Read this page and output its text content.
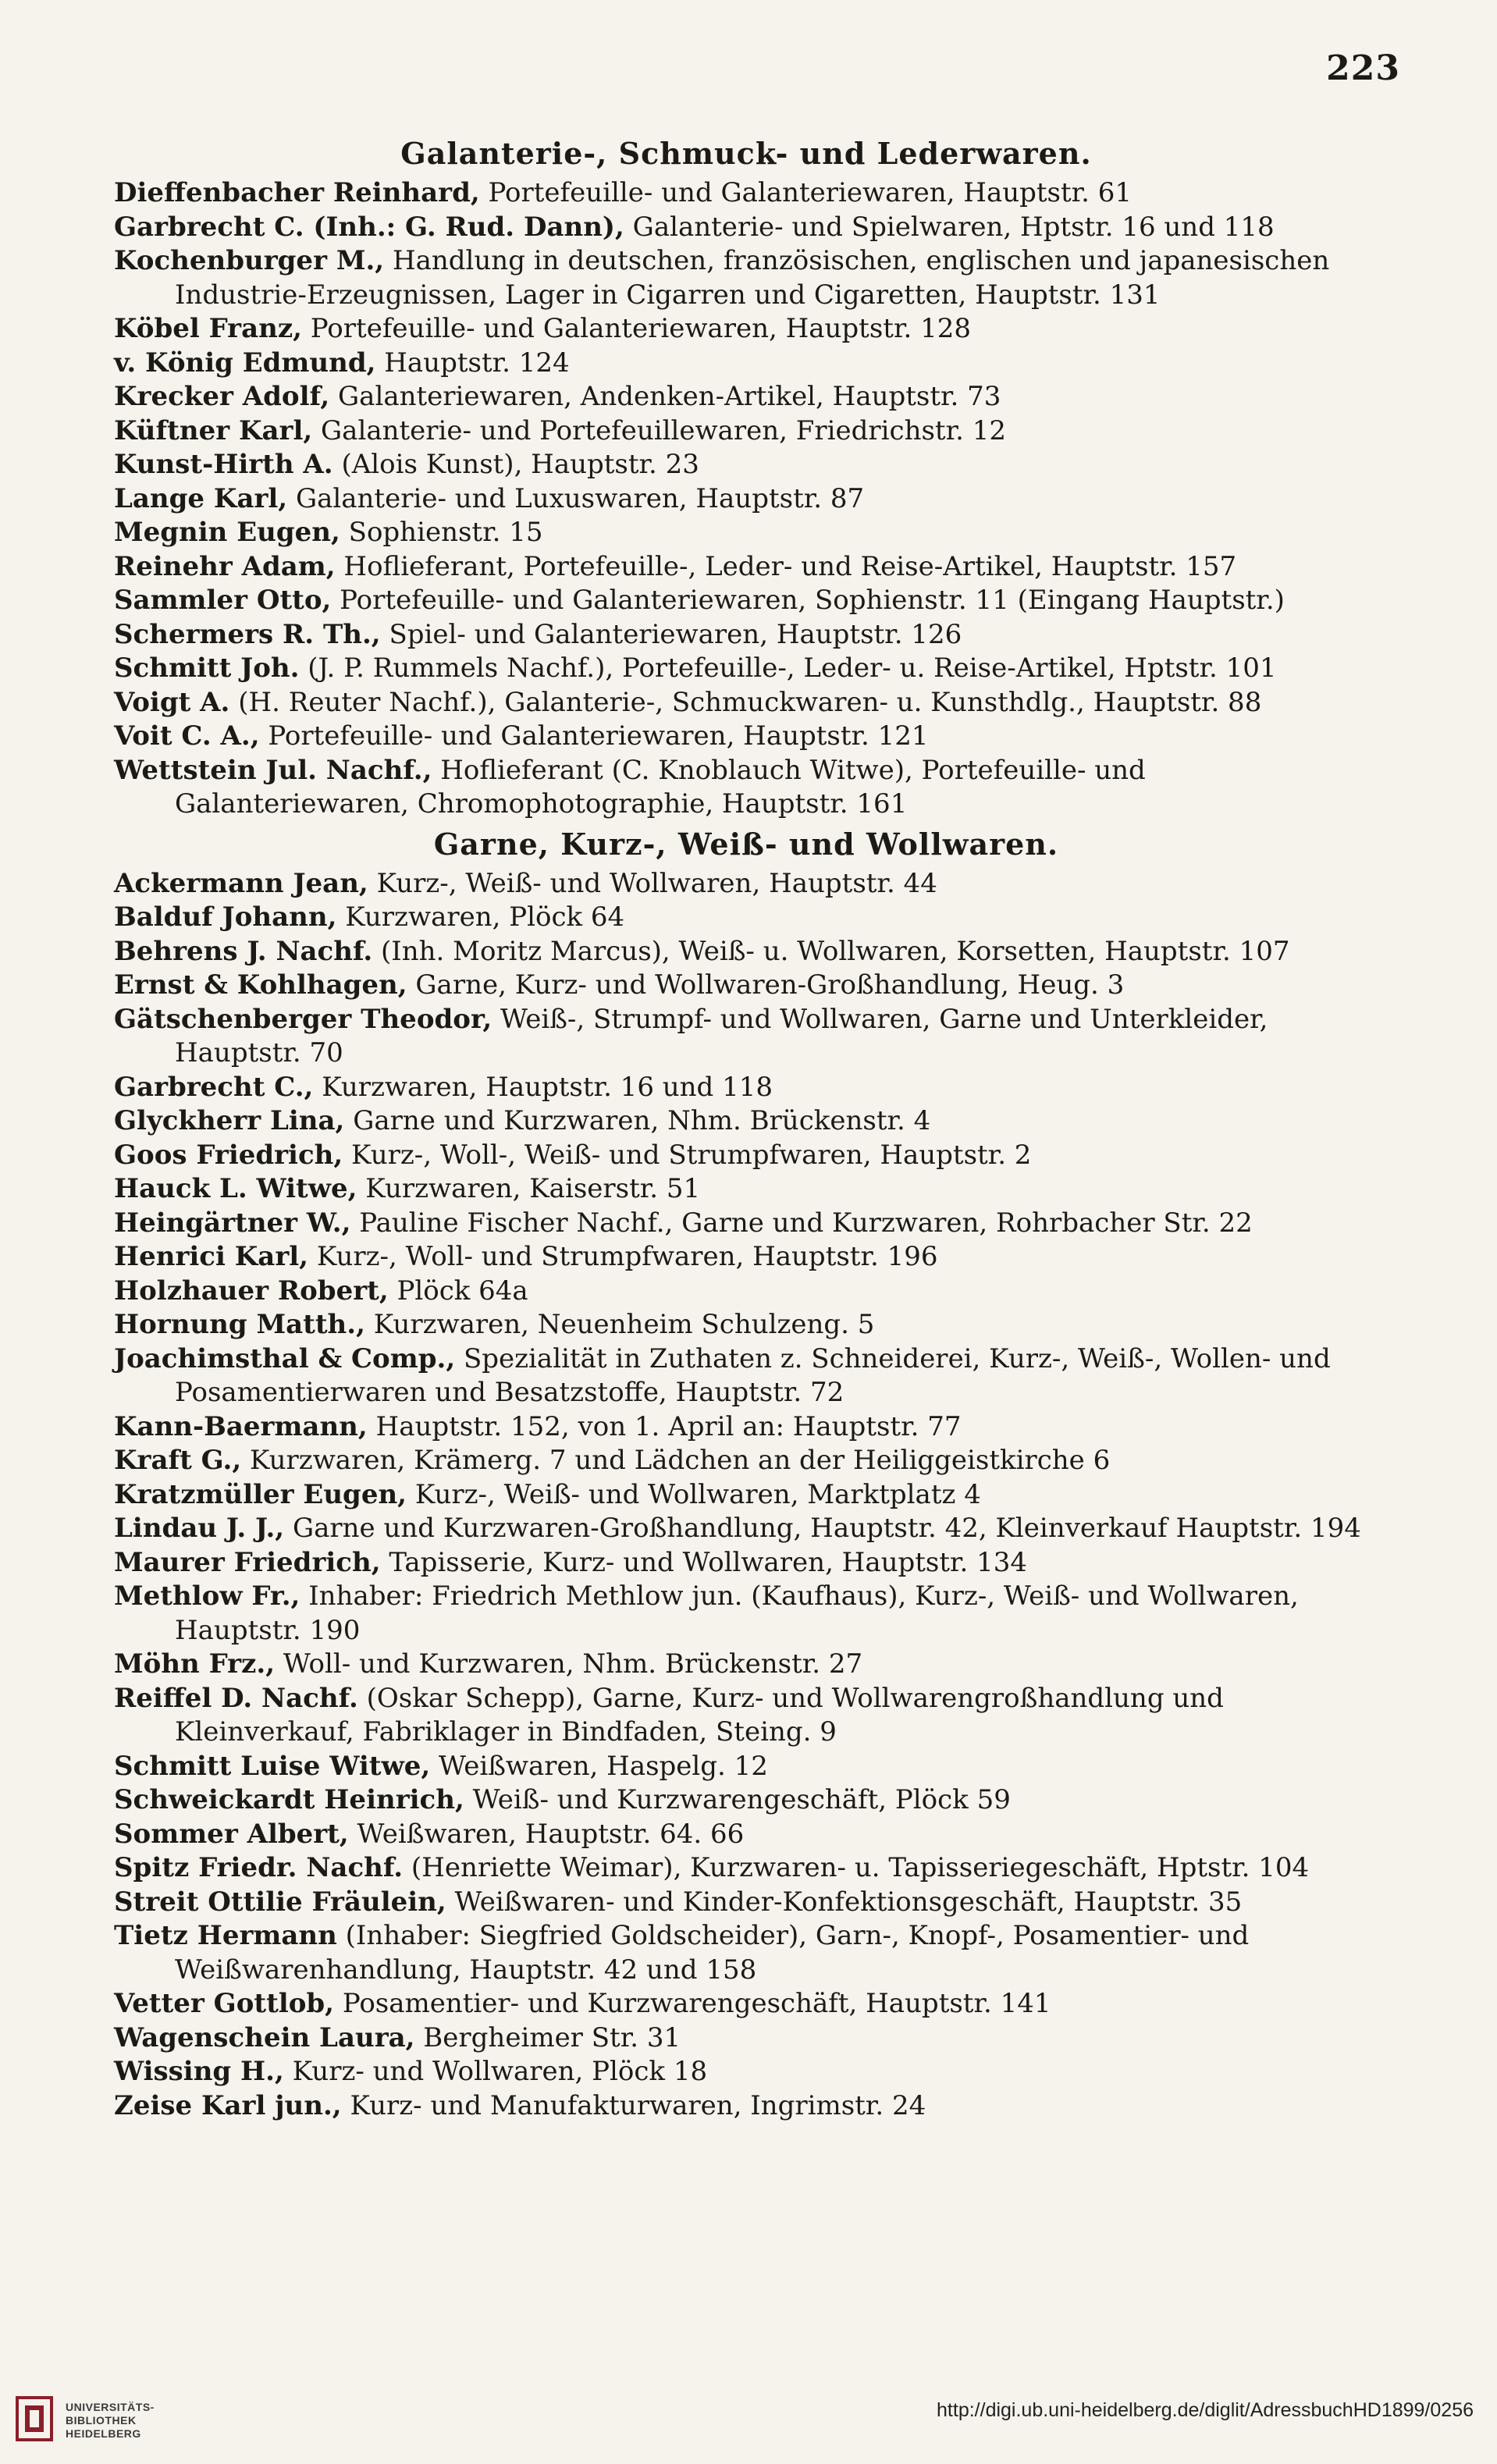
223
Galanterie-, Schmuck- und Lederwaren.
Dieffenbacher Reinhard, Portefeuille- und Galanteriewaren, Hauptstr. 61
Garbrecht C. (Inh.: G. Rud. Dann), Galanterie- und Spielwaren, Hptstr. 16 und 118
Kochenburger M., Handlung in deutschen, französischen, englischen und japanesischen Industrie-Erzeugnissen, Lager in Cigarren und Cigaretten, Hauptstr. 131
Köbel Franz, Portefeuille- und Galanteriewaren, Hauptstr. 128
v. König Edmund, Hauptstr. 124
Krecker Adolf, Galanteriewaren, Andenken-Artikel, Hauptstr. 73
Küftner Karl, Galanterie- und Portefeuillewaren, Friedrichstr. 12
Kunst-Hirth A. (Alois Kunst), Hauptstr. 23
Lange Karl, Galanterie- und Luxuswaren, Hauptstr. 87
Megnin Eugen, Sophienstr. 15
Reinehr Adam, Hoflieferant, Portefeuille-, Leder- und Reise-Artikel, Hauptstr. 157
Sammler Otto, Portefeuille- und Galanteriewaren, Sophienstr. 11 (Eingang Hauptstr.)
Schermers R. Th., Spiel- und Galanteriewaren, Hauptstr. 126
Schmitt Joh. (J. P. Rummels Nachf.), Portefeuille-, Leder- u. Reise-Artikel, Hptstr. 101
Voigt A. (H. Reuter Nachf.), Galanterie-, Schmuckwaren- u. Kunsthdlg., Hauptstr. 88
Voit C. A., Portefeuille- und Galanteriewaren, Hauptstr. 121
Wettstein Jul. Nachf., Hoflieferant (C. Knoblauch Witwe), Portefeuille- und Galanteriewaren, Chromophotographie, Hauptstr. 161
Garne, Kurz-, Weiß- und Wollwaren.
Ackermann Jean, Kurz-, Weiß- und Wollwaren, Hauptstr. 44
Balduf Johann, Kurzwaren, Plöck 64
Behrens J. Nachf. (Inh. Moritz Marcus), Weiß- u. Wollwaren, Korsetten, Hauptstr. 107
Ernst & Kohlhagen, Garne, Kurz- und Wollwaren-Großhandlung, Heug. 3
Gätschenberger Theodor, Weiß-, Strumpf- und Wollwaren, Garne und Unterkleider, Hauptstr. 70
Garbrecht C., Kurzwaren, Hauptstr. 16 und 118
Glyckherr Lina, Garne und Kurzwaren, Nhm. Brückenstr. 4
Goos Friedrich, Kurz-, Woll-, Weiß- und Strumpfwaren, Hauptstr. 2
Hauck L. Witwe, Kurzwaren, Kaiserstr. 51
Heingärtner W., Pauline Fischer Nachf., Garne und Kurzwaren, Rohrbacher Str. 22
Henrici Karl, Kurz-, Woll- und Strumpfwaren, Hauptstr. 196
Holzhauer Robert, Plöck 64a
Hornung Matth., Kurzwaren, Neuenheim Schulzeng. 5
Joachimsthal & Comp., Spezialität in Zuthaten z. Schneiderei, Kurz-, Weiß-, Wollen- und Posamentierwaren und Besatzstoffe, Hauptstr. 72
Kann-Baermann, Hauptstr. 152, von 1. April an: Hauptstr. 77
Kraft G., Kurzwaren, Krämerg. 7 und Lädchen an der Heiliggeistkirche 6
Kratzmüller Eugen, Kurz-, Weiß- und Wollwaren, Marktplatz 4
Lindau J. J., Garne und Kurzwaren-Großhandlung, Hauptstr. 42, Kleinverkauf Hauptstr. 194
Maurer Friedrich, Tapisserie, Kurz- und Wollwaren, Hauptstr. 134
Methlow Fr., Inhaber: Friedrich Methlow jun. (Kaufhaus), Kurz-, Weiß- und Wollwaren, Hauptstr. 190
Möhn Frz., Woll- und Kurzwaren, Nhm. Brückenstr. 27
Reiffel D. Nachf. (Oskar Schepp), Garne, Kurz- und Wollwarengroßhandlung und Kleinverkauf, Fabriklager in Bindfaden, Steing. 9
Schmitt Luise Witwe, Weißwaren, Haspelg. 12
Schweickardt Heinrich, Weiß- und Kurzwarengeschäft, Plöck 59
Sommer Albert, Weißwaren, Hauptstr. 64. 66
Spitz Friedr. Nachf. (Henriette Weimar), Kurzwaren- u. Tapisseriegeschäft, Hptstr. 104
Streit Ottilie Fräulein, Weißwaren- und Kinder-Konfektionsgeschäft, Hauptstr. 35
Tietz Hermann (Inhaber: Siegfried Goldscheider), Garn-, Knopf-, Posamentier- und Weißwarenhandlung, Hauptstr. 42 und 158
Vetter Gottlob, Posamentier- und Kurzwarengeschäft, Hauptstr. 141
Wagenschein Laura, Bergheimer Str. 31
Wissing H., Kurz- und Wollwaren, Plöck 18
Zeise Karl jun., Kurz- und Manufakturwaren, Ingrimstr. 24
UNIVERSITÄTS-
BIBLIOTHEK
HEIDELBERG
http://digi.ub.uni-heidelberg.de/diglit/AdressbuchHD1899/0256
